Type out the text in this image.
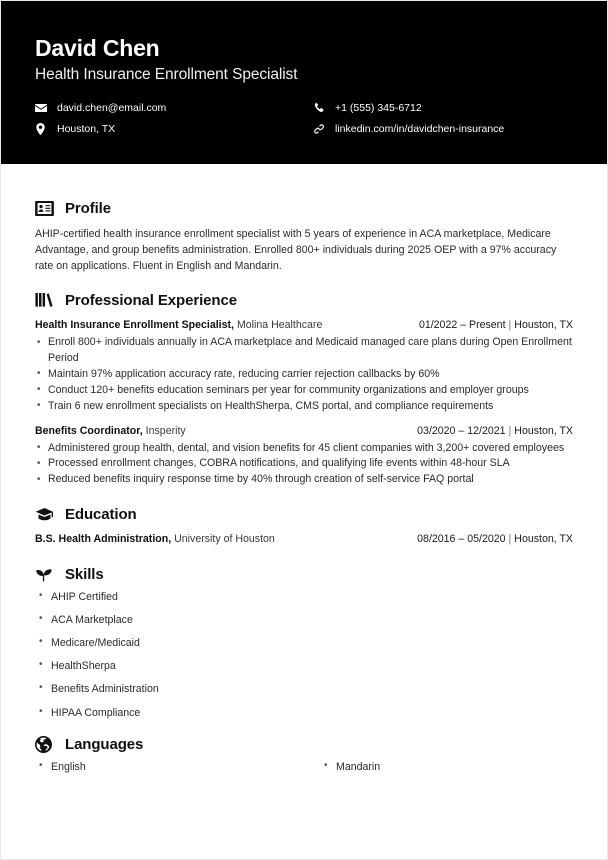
David Chen
Health Insurance Enrollment Specialist
david.chen@email.com	+1 (555) 345-6712
Houston, TX	linkedin.com/in/davidchen-insurance
Profile
AHIP-certified health insurance enrollment specialist with 5 years of experience in ACA marketplace, Medicare Advantage, and group benefits administration. Enrolled 800+ individuals during 2025 OEP with a 97% accuracy rate on applications. Fluent in English and Mandarin.
Professional Experience
Health Insurance Enrollment Specialist, Molina Healthcare	01/2022 – Present | Houston, TX
• Enroll 800+ individuals annually in ACA marketplace and Medicaid managed care plans during Open Enrollment Period
• Maintain 97% application accuracy rate, reducing carrier rejection callbacks by 60%
• Conduct 120+ benefits education seminars per year for community organizations and employer groups
• Train 6 new enrollment specialists on HealthSherpa, CMS portal, and compliance requirements
Benefits Coordinator, Insperity	03/2020 – 12/2021 | Houston, TX
• Administered group health, dental, and vision benefits for 45 client companies with 3,200+ covered employees
• Processed enrollment changes, COBRA notifications, and qualifying life events within 48-hour SLA
• Reduced benefits inquiry response time by 40% through creation of self-service FAQ portal
Education
B.S. Health Administration, University of Houston	08/2016 – 05/2020 | Houston, TX
Skills
• AHIP Certified
• ACA Marketplace
• Medicare/Medicaid
• HealthSherpa
• Benefits Administration
• HIPAA Compliance
Languages
• English	• Mandarin
